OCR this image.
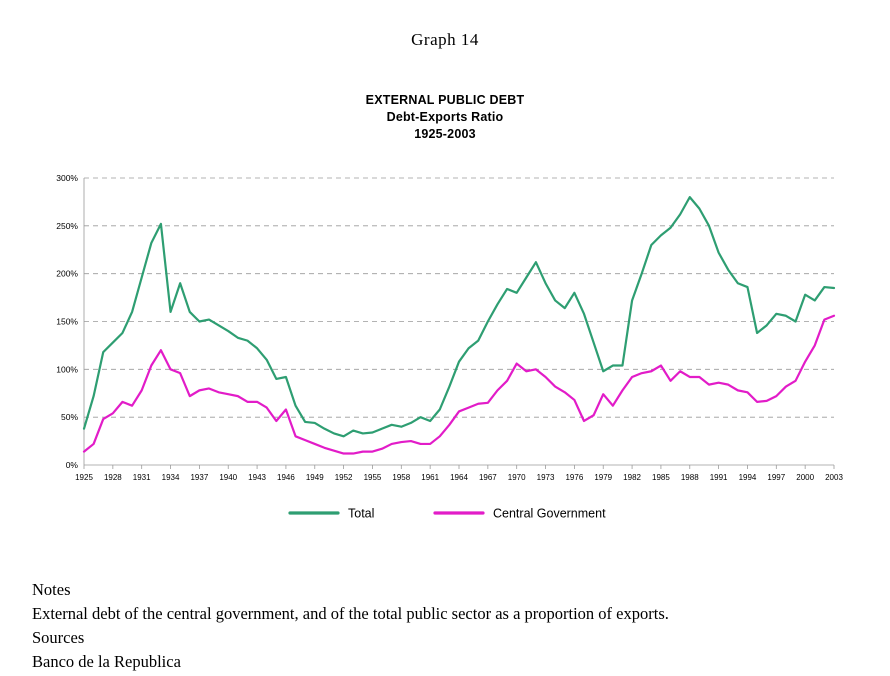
Graph 14
EXTERNAL PUBLIC DEBT
Debt-Exports Ratio
1925-2003
0%
50%
100%
150%
200%
250%
300%
1925 1928 1931 1934 1937 1940 1943 1946 1949 1952 1955 1958 1961 1964 1967 1970 1973 1976 1979 1982 1985 1988 1991 1994 1997 2000 2003
Total	Central Government
Notes
External debt of the central government, and of the total public sector as a proportion of exports.
Sources
Banco de la Republica
